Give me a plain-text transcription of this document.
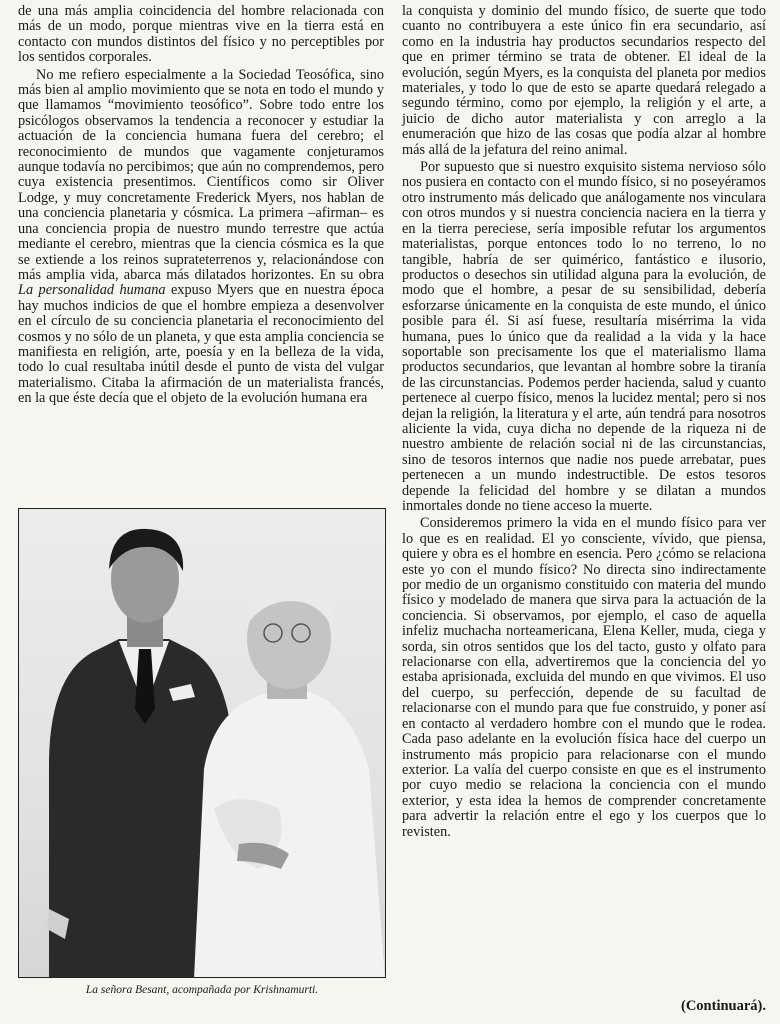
de una más amplia coincidencia del hombre relacionada con más de un modo, porque mientras vive en la tierra está en contacto con mundos distintos del físico y no perceptibles por los sentidos corporales.

No me refiero especialmente a la Sociedad Teosófica, sino más bien al amplio movimiento que se nota en todo el mundo y que llamamos “movimiento teosófico”. Sobre todo entre los psicólogos observamos la tendencia a reconocer y estudiar la actuación de la conciencia humana fuera del cerebro; el reconocimiento de mundos que vagamente conjeturamos aunque todavía no percibimos; que aún no comprendemos, pero cuya existencia presentimos. Científicos como sir Oliver Lodge, y muy concretamente Frederick Myers, nos hablan de una conciencia planetaria y cósmica. La primera –afirman– es una conciencia propia de nuestro mundo terrestre que actúa mediante el cerebro, mientras que la ciencia cósmica es la que se extiende a los reinos suprateterrenos y, relacionándose con más amplia vida, abarca más dilatados horizontes. En su obra La personalidad humana expuso Myers que en nuestra época hay muchos indicios de que el hombre empieza a desenvolver en el círculo de su conciencia planetaria el reconocimiento del cosmos y no sólo de un planeta, y que esta amplia conciencia se manifiesta en religión, arte, poesía y en la belleza de la vida, todo lo cual resultaba inútil desde el punto de vista del vulgar materialismo. Citaba la afirmación de un materialista francés, en la que éste decía que el objeto de la evolución humana era

la conquista y dominio del mundo físico, de suerte que todo cuanto no contribuyera a este único fin era secundario, así como en la industria hay productos secundarios respecto del que en primer término se trata de obtener. El ideal de la evolución, según Myers, es la conquista del planeta por medios materiales, y todo lo que de esto se aparte quedará relegado a segundo término, como por ejemplo, la religión y el arte, a juicio de dicho autor materialista y con arreglo a la enumeración que hizo de las cosas que podía alzar al hombre más allá de la jefatura del reino animal.

Por supuesto que si nuestro exquisito sistema nervioso sólo nos pusiera en contacto con el mundo físico, si no poseyéramos otro instrumento más delicado que análogamente nos vinculara con otros mundos y si nuestra conciencia naciera en la tierra y en la tierra pereciese, sería imposible refutar los argumentos materialistas, porque entonces todo lo no terreno, lo no tangible, habría de ser quimérico, fantástico e ilusorio, productos o desechos sin utilidad alguna para la evolución, de modo que el hombre, a pesar de su sensibilidad, debería esforzarse únicamente en la conquista de este mundo, el único posible para él. Si así fuese, resultaría misérrima la vida humana, pues lo único que da realidad a la vida y la hace soportable son precisamente los que el materialismo llama productos secundarios, que levantan al hombre sobre la tiranía de las circunstancias. Podemos perder hacienda, salud y cuanto pertenece al cuerpo físico, menos la lucidez mental; pero si nos dejan la religión, la literatura y el arte, aún tendrá para nosotros aliciente la vida, cuya dicha no depende de la riqueza ni de nuestro ambiente de relación social ni de las circunstancias, sino de tesoros internos que nadie nos puede arrebatar, pues pertenecen a un mundo indestructible. De estos tesoros depende la felicidad del hombre y se dilatan a mundos inmortales donde no tiene acceso la muerte.

Consideremos primero la vida en el mundo físico para ver lo que es en realidad. El yo consciente, vívido, que piensa, quiere y obra es el hombre en esencia. Pero ¿cómo se relaciona este yo con el mundo físico? No directa sino indirectamente por medio de un organismo constituido con materia del mundo físico y modelado de manera que sirva para la actuación de la conciencia. Si observamos, por ejemplo, el caso de aquella infeliz muchacha norteamericana, Elena Keller, muda, ciega y sorda, sin otros sentidos que los del tacto, gusto y olfato para relacionarse con ella, advertiremos que la conciencia del yo estaba aprisionada, excluida del mundo en que vivimos. El uso del cuerpo, su perfección, depende de su facultad de relacionarse con el mundo para que fue construido, y poner así en contacto al verdadero hombre con el mundo que le rodea. Cada paso adelante en la evolución física hace del cuerpo un instrumento más propicio para relacionarse con el mundo exterior. La valía del cuerpo consiste en que es el instrumento por cuyo medio se relaciona la conciencia con el mundo exterior, y esta idea la hemos de comprender concretamente para advertir la relación entre el ego y los cuerpos que lo revisten.

La señora Besant, acompañada por Krishnamurti.
(Continuará).
